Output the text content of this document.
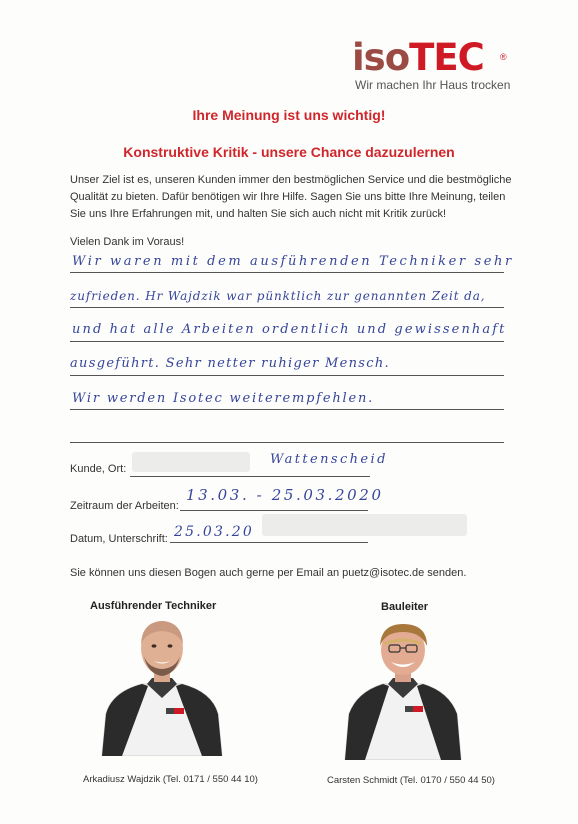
isoTEC ®
Wir machen Ihr Haus trocken
Ihre Meinung ist uns wichtig!
Konstruktive Kritik - unsere Chance dazuzulernen
Unser Ziel ist es, unseren Kunden immer den bestmöglichen Service und die bestmögliche Qualität zu bieten. Dafür benötigen wir Ihre Hilfe. Sagen Sie uns bitte Ihre Meinung, teilen Sie uns Ihre Erfahrungen mit, und halten Sie sich auch nicht mit Kritik zurück!
Vielen Dank im Voraus!
Wir waren mit dem ausführenden Techniker sehr
zufrieden. Hr Wajdzik war pünktlich zur genannten Zeit da,
und hat alle Arbeiten ordentlich und gewissenhaft
ausgeführt. Sehr netter ruhiger Mensch.
Wir werden Isotec weiterempfehlen.
Kunde, Ort:
Wattenscheid
Zeitraum der Arbeiten:
13.03. - 25.03.2020
Datum, Unterschrift: 25.03.20
Sie können uns diesen Bogen auch gerne per Email an puetz@isotec.de senden.
Ausführender Techniker	Bauleiter
Arkadiusz Wajdzik (Tel. 0171 / 550 44 10)	Carsten Schmidt (Tel. 0170 / 550 44 50)
